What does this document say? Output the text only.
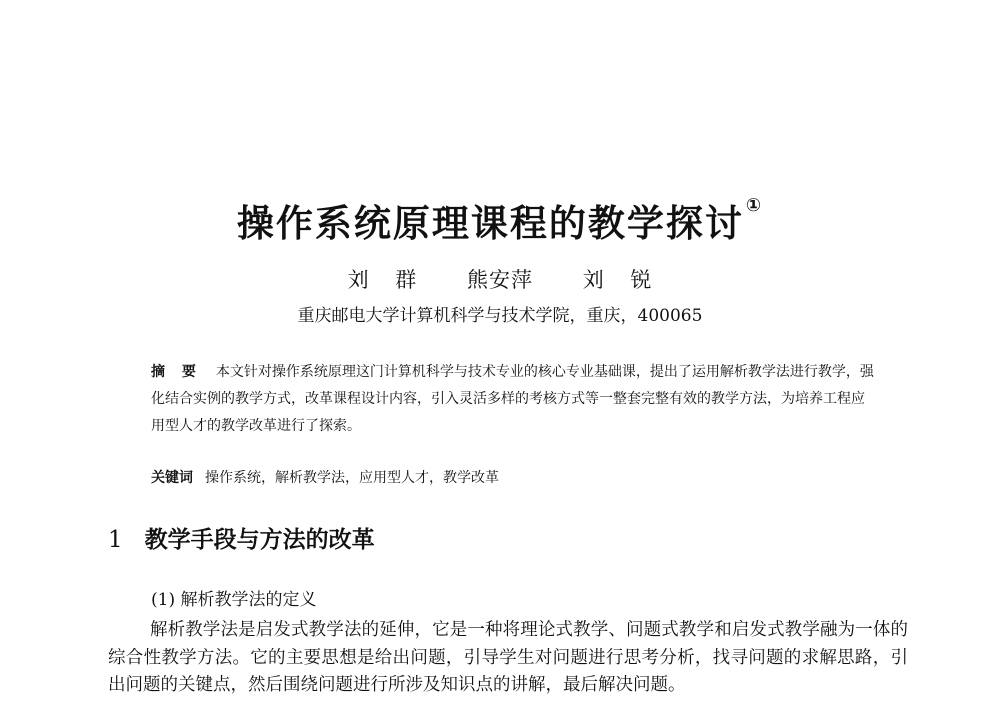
操作系统原理课程的教学探讨 ①
刘 群 熊安萍 刘 锐
重庆邮电大学计算机科学与技术学院，重庆，400065
摘 要 本文针对操作系统原理这门计算机科学与技术专业的核心专业基础课，提出了运用解析教学法进行教学，强化结合实例的教学方式，改革课程设计内容，引入灵活多样的考核方式等一整套完整有效的教学方法，为培养工程应用型人才的教学改革进行了探索。
关键词 操作系统，解析教学法，应用型人才，教学改革
1 教学手段与方法的改革
(1) 解析教学法的定义
解析教学法是启发式教学法的延伸，它是一种将理论式教学、问题式教学和启发式教学融为一体的综合性教学方法。它的主要思想是给出问题，引导学生对问题进行思考分析，找寻问题的求解思路，引出问题的关键点，然后围绕问题进行所涉及知识点的讲解，最后解决问题。
